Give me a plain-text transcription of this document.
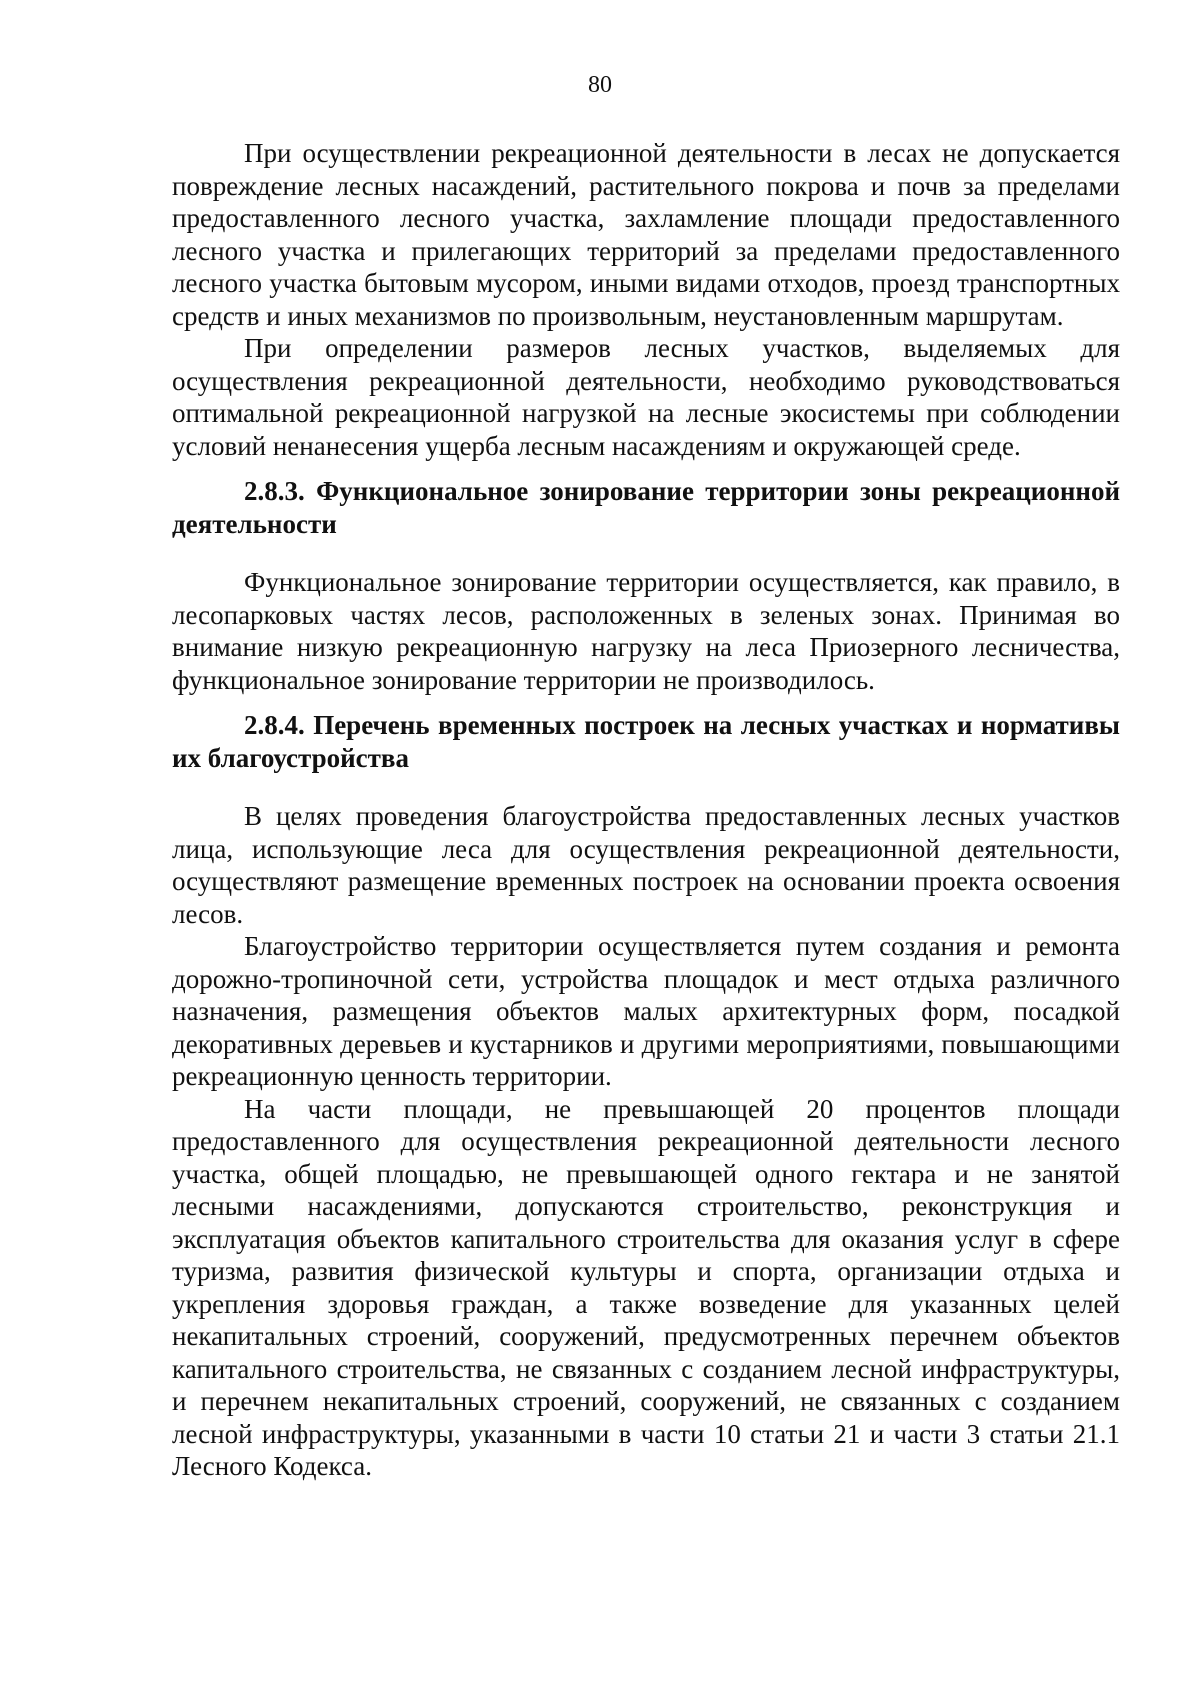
80

При осуществлении рекреационной деятельности в лесах не допускается повреждение лесных насаждений, растительного покрова и почв за пределами предоставленного лесного участка, захламление площади предоставленного лесного участка и прилегающих территорий за пределами предоставленного лесного участка бытовым мусором, иными видами отходов, проезд транспортных средств и иных механизмов по произвольным, неустановленным маршрутам.

При определении размеров лесных участков, выделяемых для осуществления рекреационной деятельности, необходимо руководствоваться оптимальной рекреационной нагрузкой на лесные экосистемы при соблюдении условий ненанесения ущерба лесным насаждениям и окружающей среде.

2.8.3. Функциональное зонирование территории зоны рекреационной деятельности

Функциональное зонирование территории осуществляется, как правило, в лесопарковых частях лесов, расположенных в зеленых зонах. Принимая во внимание низкую рекреационную нагрузку на леса Приозерного лесничества, функциональное зонирование территории не производилось.

2.8.4. Перечень временных построек на лесных участках и нормативы их благоустройства

В целях проведения благоустройства предоставленных лесных участков лица, использующие леса для осуществления рекреационной деятельности, осуществляют размещение временных построек на основании проекта освоения лесов.

Благоустройство территории осуществляется путем создания и ремонта дорожно-тропиночной сети, устройства площадок и мест отдыха различного назначения, размещения объектов малых архитектурных форм, посадкой декоративных деревьев и кустарников и другими мероприятиями, повышающими рекреационную ценность территории.

На части площади, не превышающей 20 процентов площади предоставленного для осуществления рекреационной деятельности лесного участка, общей площадью, не превышающей одного гектара и не занятой лесными насаждениями, допускаются строительство, реконструкция и эксплуатация объектов капитального строительства для оказания услуг в сфере туризма, развития физической культуры и спорта, организации отдыха и укрепления здоровья граждан, а также возведение для указанных целей некапитальных строений, сооружений, предусмотренных перечнем объектов капитального строительства, не связанных с созданием лесной инфраструктуры, и перечнем некапитальных строений, сооружений, не связанных с созданием лесной инфраструктуры, указанными в части 10 статьи 21 и части 3 статьи 21.1 Лесного Кодекса.
